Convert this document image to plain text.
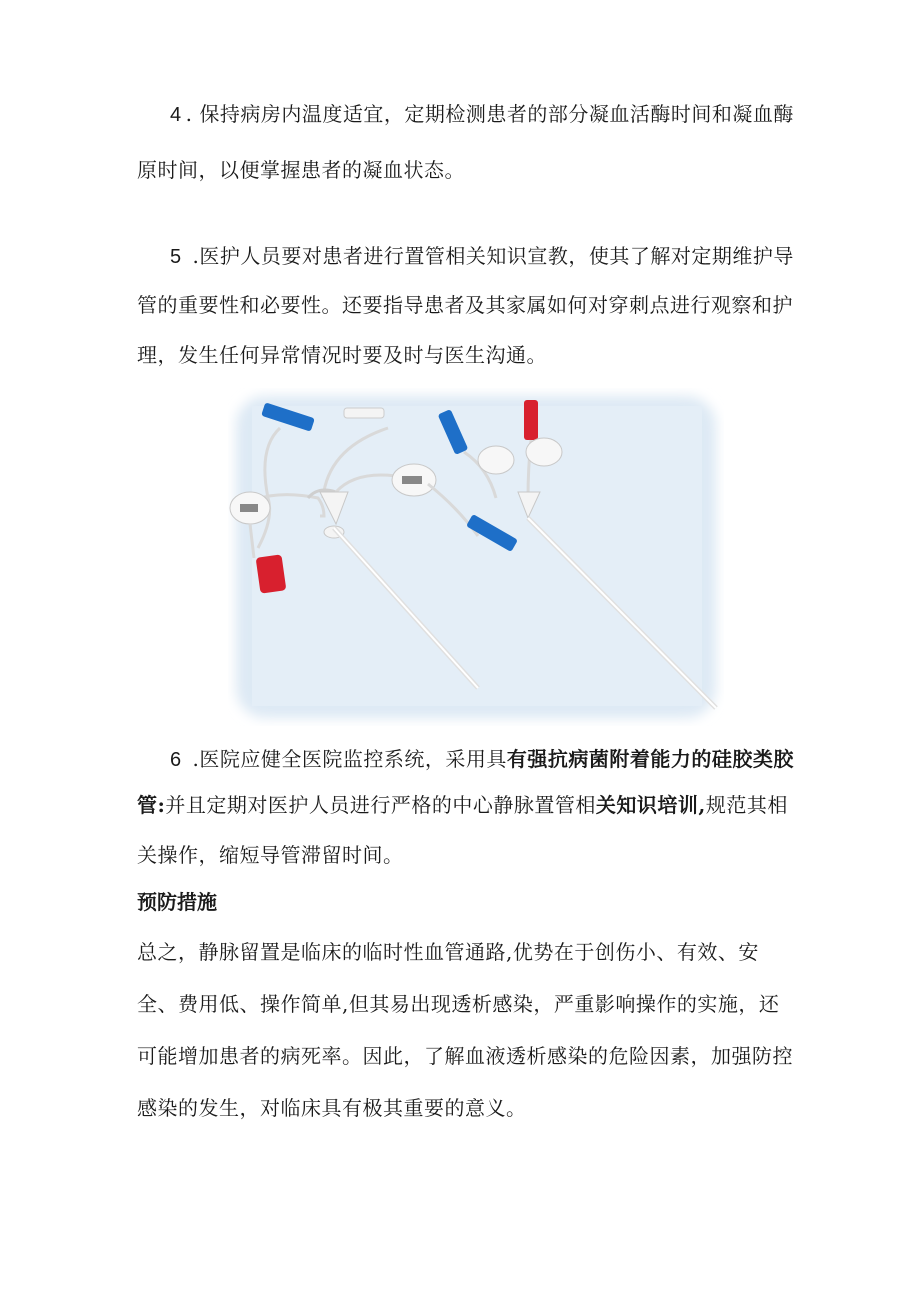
4 . 保持病房内温度适宜，定期检测患者的部分凝血活酶时间和凝血酶
原时间，以便掌握患者的凝血状态。
5 .医护人员要对患者进行置管相关知识宣教，使其了解对定期维护导
管的重要性和必要性。还要指导患者及其家属如何对穿刺点进行观察和护
理，发生任何异常情况时要及时与医生沟通。
6 .医院应健全医院监控系统，采用具有强抗病菌附着能力的硅胶类胶
管:并且定期对医护人员进行严格的中心静脉置管相关知识培训,规范其相
关操作，缩短导管滞留时间。
预防措施
总之，静脉留置是临床的临时性血管通路,优势在于创伤小、有效、安
全、费用低、操作简单,但其易出现透析感染，严重影响操作的实施，还
可能增加患者的病死率。因此，了解血液透析感染的危险因素，加强防控
感染的发生，对临床具有极其重要的意义。
